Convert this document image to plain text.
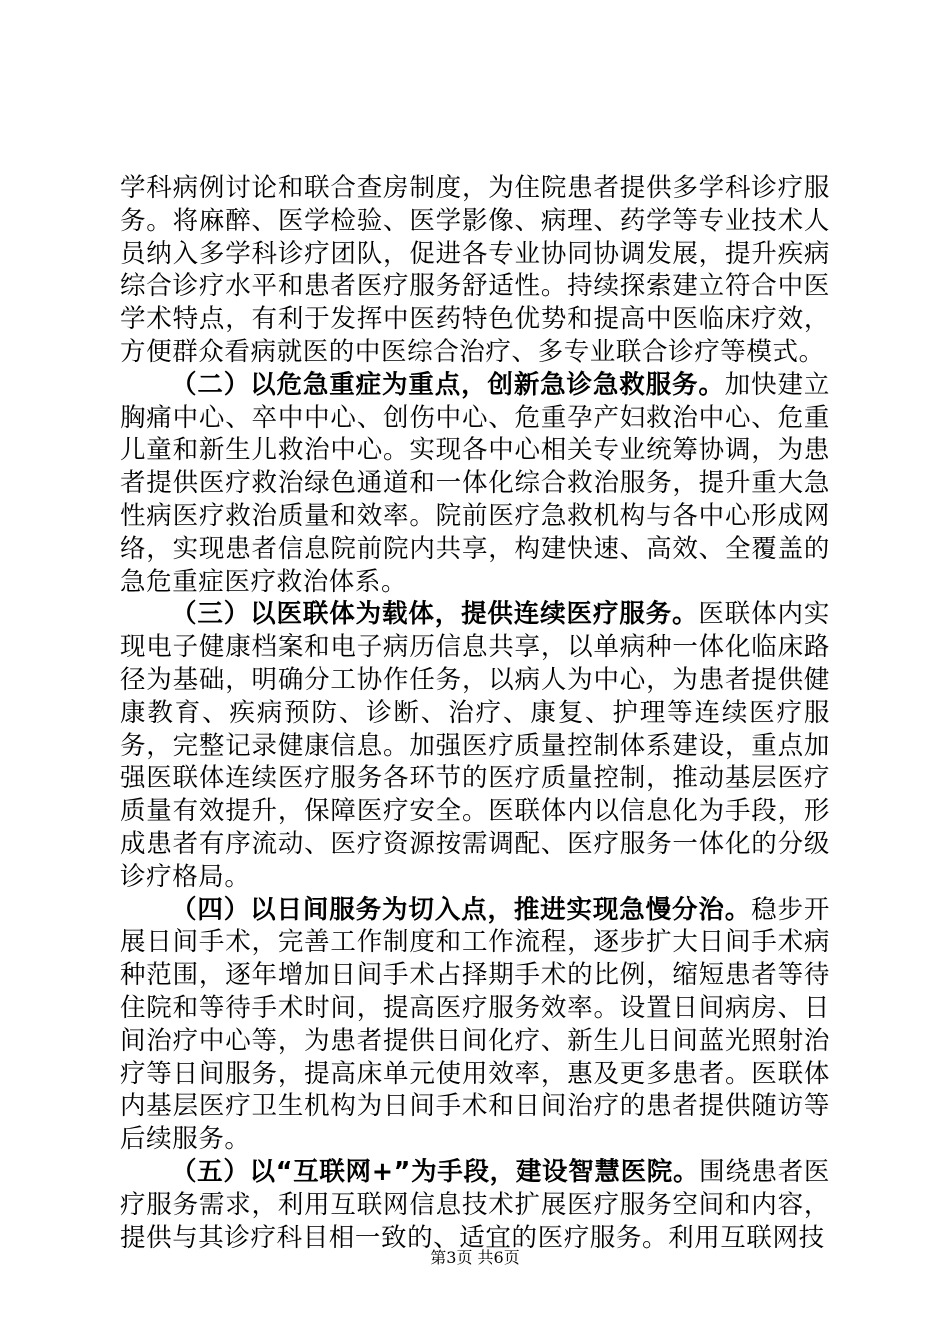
学科病例讨论和联合查房制度，为住院患者提供多学科诊疗服务。将麻醉、医学检验、医学影像、病理、药学等专业技术人员纳入多学科诊疗团队，促进各专业协同协调发展，提升疾病综合诊疗水平和患者医疗服务舒适性。持续探索建立符合中医学术特点，有利于发挥中医药特色优势和提高中医临床疗效，方便群众看病就医的中医综合治疗、多专业联合诊疗等模式。

（二）以危急重症为重点，创新急诊急救服务。加快建立胸痛中心、卒中中心、创伤中心、危重孕产妇救治中心、危重儿童和新生儿救治中心。实现各中心相关专业统筹协调，为患者提供医疗救治绿色通道和一体化综合救治服务，提升重大急性病医疗救治质量和效率。院前医疗急救机构与各中心形成网络，实现患者信息院前院内共享，构建快速、高效、全覆盖的急危重症医疗救治体系。

（三）以医联体为载体，提供连续医疗服务。医联体内实现电子健康档案和电子病历信息共享，以单病种一体化临床路径为基础，明确分工协作任务，以病人为中心，为患者提供健康教育、疾病预防、诊断、治疗、康复、护理等连续医疗服务，完整记录健康信息。加强医疗质量控制体系建设，重点加强医联体连续医疗服务各环节的医疗质量控制，推动基层医疗质量有效提升，保障医疗安全。医联体内以信息化为手段，形成患者有序流动、医疗资源按需调配、医疗服务一体化的分级诊疗格局。

（四）以日间服务为切入点，推进实现急慢分治。稳步开展日间手术，完善工作制度和工作流程，逐步扩大日间手术病种范围，逐年增加日间手术占择期手术的比例，缩短患者等待住院和等待手术时间，提高医疗服务效率。设置日间病房、日间治疗中心等，为患者提供日间化疗、新生儿日间蓝光照射治疗等日间服务，提高床单元使用效率，惠及更多患者。医联体内基层医疗卫生机构为日间手术和日间治疗的患者提供随访等后续服务。

（五）以“互联网+”为手段，建设智慧医院。围绕患者医疗服务需求，利用互联网信息技术扩展医疗服务空间和内容，提供与其诊疗科目相一致的、适宜的医疗服务。利用互联网技

第3页 共6页
